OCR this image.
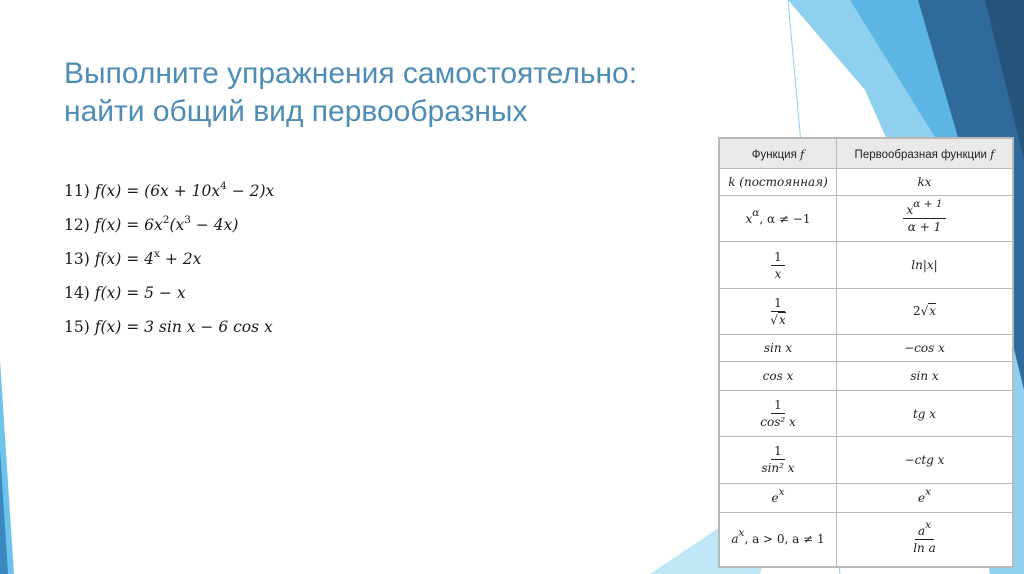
Выполните упражнения самостоятельно:
найти общий вид первообразных
11) $f(x) = (6x + 10x^4 - 2)x$
12) $f(x) = 6x^2(x^3 - 4x)$
13) $f(x) = 4^x + 2x$
14) f(x) = 5 − x
15) f(x) = 3 sin x − 6 cos x
Функция f	Первообразная функции f
k (постоянная)	kx
$x^\alpha$, α ≠ −1	$\frac{x^{\alpha + 1}}{\alpha + 1}$

$\frac{1}{x}$	ln|x|

$\frac{1}{√x}$	2√x
sin x	−cos x
cos x	sin x

$\frac{1}{\text{cos² x}}$	tg x

$\frac{1}{\text{sin² x}}$	−ctg x
$e^x$	$e^x$
$a^x$, a > 0, a ≠ 1	$\frac{a^x}{\text{ln a}}$
